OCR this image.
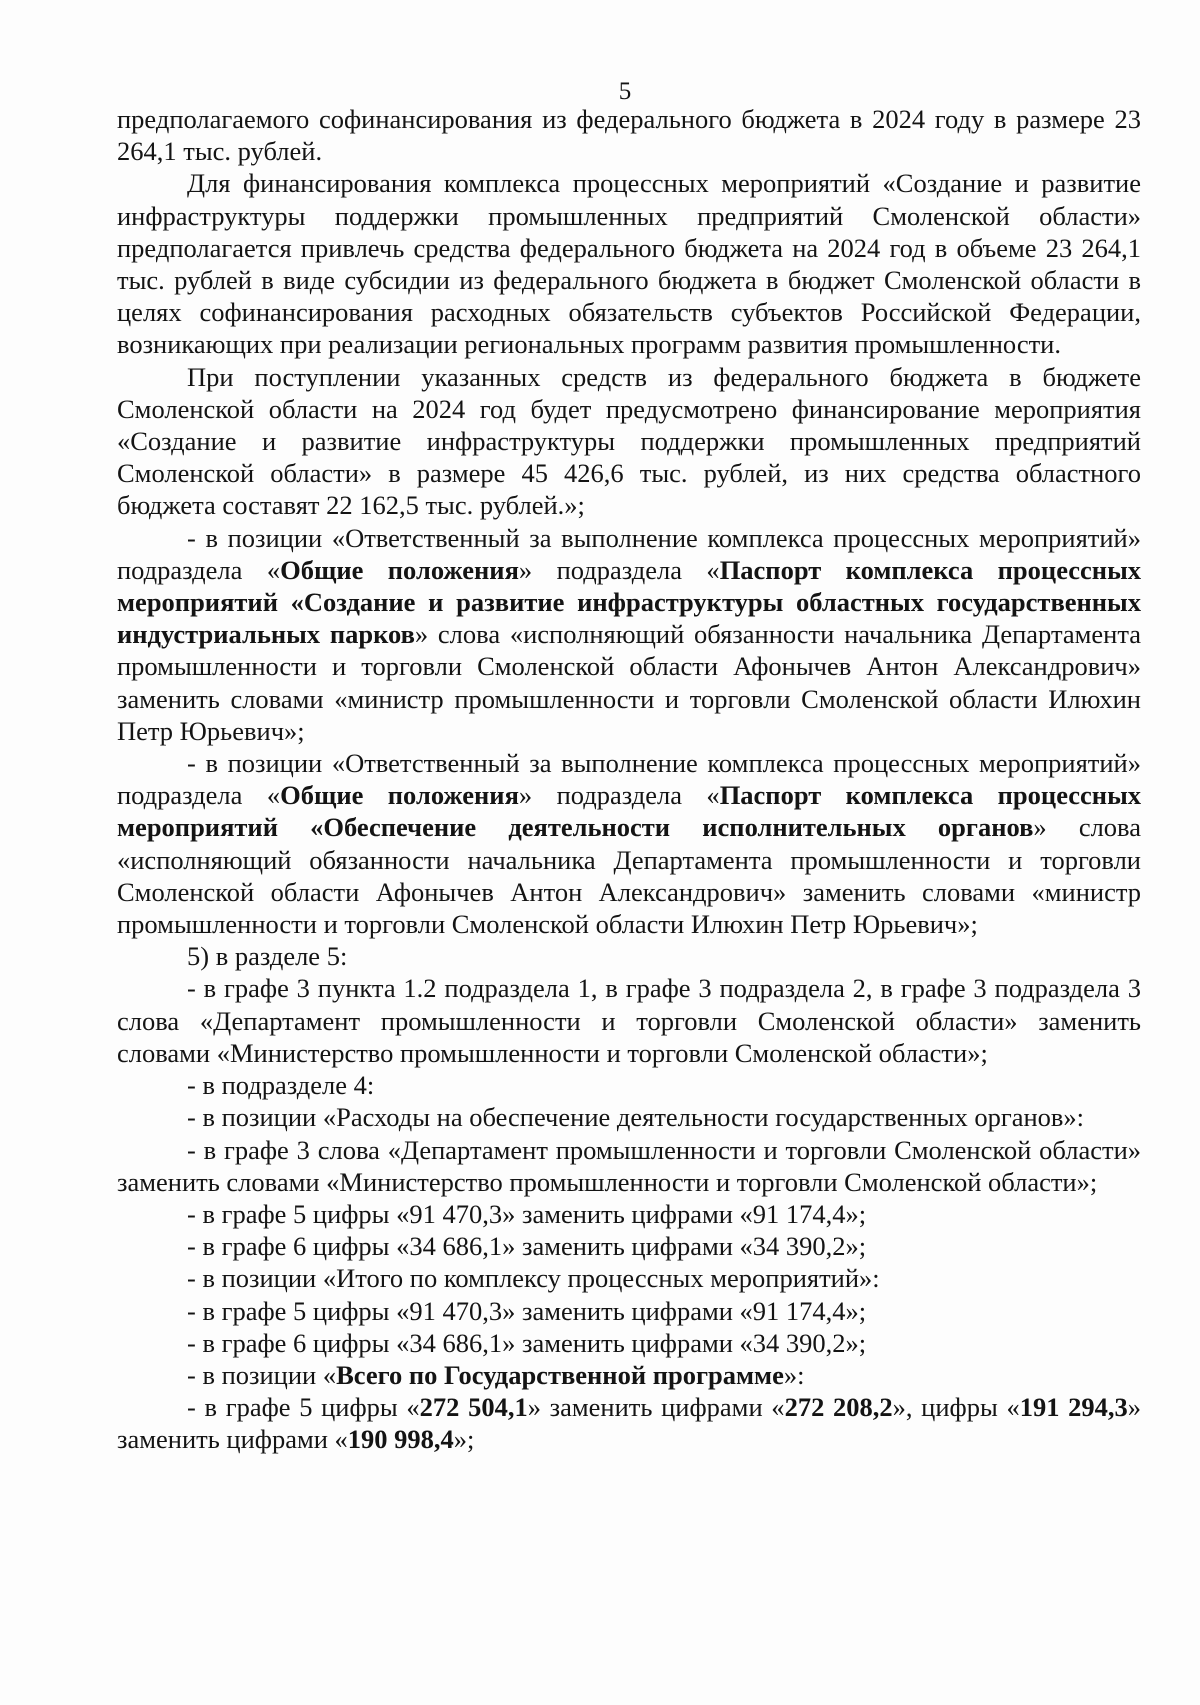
5

предполагаемого софинансирования из федерального бюджета в 2024 году в размере 23 264,1 тыс. рублей.

Для финансирования комплекса процессных мероприятий «Создание и развитие инфраструктуры поддержки промышленных предприятий Смоленской области» предполагается привлечь средства федерального бюджета на 2024 год в объеме 23 264,1 тыс. рублей в виде субсидии из федерального бюджета в бюджет Смоленской области в целях софинансирования расходных обязательств субъектов Российской Федерации, возникающих при реализации региональных программ развития промышленности.

При поступлении указанных средств из федерального бюджета в бюджете Смоленской области на 2024 год будет предусмотрено финансирование мероприятия «Создание и развитие инфраструктуры поддержки промышленных предприятий Смоленской области» в размере 45 426,6 тыс. рублей, из них средства областного бюджета составят 22 162,5 тыс. рублей.»;

- в позиции «Ответственный за выполнение комплекса процессных мероприятий» подраздела «Общие положения» подраздела «Паспорт комплекса процессных мероприятий «Создание и развитие инфраструктуры областных государственных индустриальных парков» слова «исполняющий обязанности начальника Департамента промышленности и торговли Смоленской области Афонычев Антон Александрович» заменить словами «министр промышленности и торговли Смоленской области Илюхин Петр Юрьевич»;

- в позиции «Ответственный за выполнение комплекса процессных мероприятий» подраздела «Общие положения» подраздела «Паспорт комплекса процессных мероприятий «Обеспечение деятельности исполнительных органов» слова «исполняющий обязанности начальника Департамента промышленности и торговли Смоленской области Афонычев Антон Александрович» заменить словами «министр промышленности и торговли Смоленской области Илюхин Петр Юрьевич»;

5) в разделе 5:

- в графе 3 пункта 1.2 подраздела 1, в графе 3 подраздела 2, в графе 3 подраздела 3 слова «Департамент промышленности и торговли Смоленской области» заменить словами «Министерство промышленности и торговли Смоленской области»;

- в подразделе 4:

- в позиции «Расходы на обеспечение деятельности государственных органов»:

- в графе 3 слова «Департамент промышленности и торговли Смоленской области» заменить словами «Министерство промышленности и торговли Смоленской области»;

- в графе 5 цифры «91 470,3» заменить цифрами «91 174,4»;

- в графе 6 цифры «34 686,1» заменить цифрами «34 390,2»;

- в позиции «Итого по комплексу процессных мероприятий»:

- в графе 5 цифры «91 470,3» заменить цифрами «91 174,4»;

- в графе 6 цифры «34 686,1» заменить цифрами «34 390,2»;

- в позиции «Всего по Государственной программе»:

- в графе 5 цифры «272 504,1» заменить цифрами «272 208,2», цифры «191 294,3» заменить цифрами «190 998,4»;
